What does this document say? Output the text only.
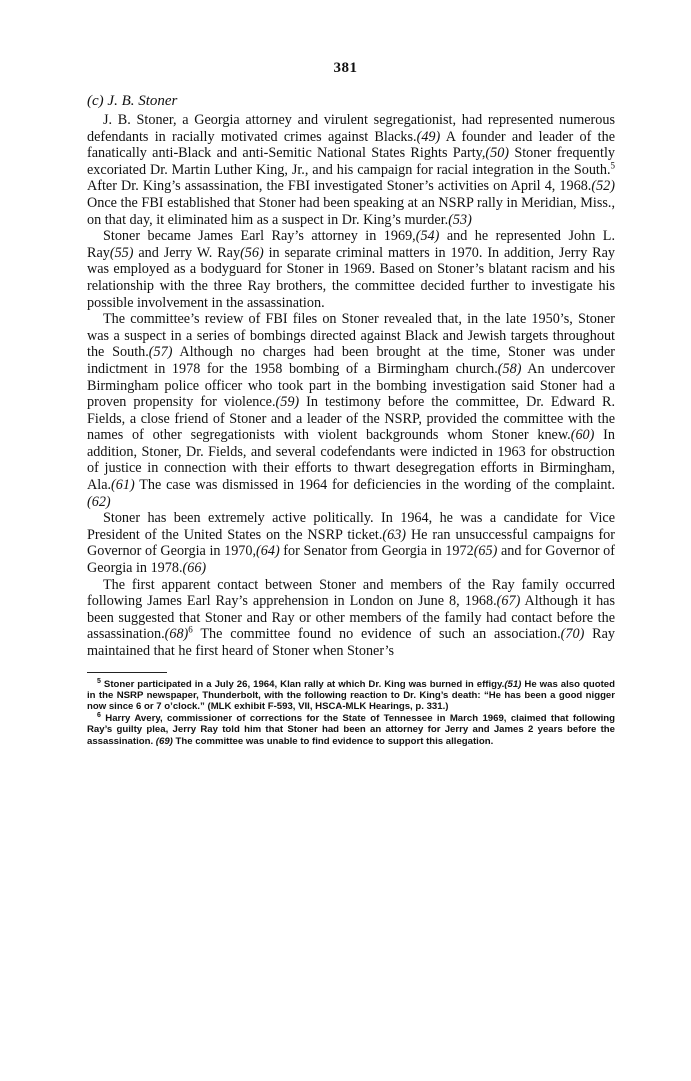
381
(c) J. B. Stoner

J. B. Stoner, a Georgia attorney and virulent segregationist, had represented numerous defendants in racially motivated crimes against Blacks.(49) A founder and leader of the fanatically anti-Black and anti-Semitic National States Rights Party,(50) Stoner frequently excoriated Dr. Martin Luther King, Jr., and his campaign for racial integration in the South.$^5$ After Dr. King’s assassination, the FBI investigated Stoner’s activities on April 4, 1968.(52) Once the FBI established that Stoner had been speaking at an NSRP rally in Meridian, Miss., on that day, it eliminated him as a suspect in Dr. King’s murder.(53)

Stoner became James Earl Ray’s attorney in 1969,(54) and he represented John L. Ray(55) and Jerry W. Ray(56) in separate criminal matters in 1970. In addition, Jerry Ray was employed as a bodyguard for Stoner in 1969. Based on Stoner’s blatant racism and his relationship with the three Ray brothers, the committee decided further to investigate his possible involvement in the assassination.

The committee’s review of FBI files on Stoner revealed that, in the late 1950’s, Stoner was a suspect in a series of bombings directed against Black and Jewish targets throughout the South.(57) Although no charges had been brought at the time, Stoner was under indictment in 1978 for the 1958 bombing of a Birmingham church.(58) An undercover Birmingham police officer who took part in the bombing investigation said Stoner had a proven propensity for violence.(59) In testimony before the committee, Dr. Edward R. Fields, a close friend of Stoner and a leader of the NSRP, provided the committee with the names of other segregationists with violent backgrounds whom Stoner knew.(60) In addition, Stoner, Dr. Fields, and several codefendants were indicted in 1963 for obstruction of justice in connection with their efforts to thwart desegregation efforts in Birmingham, Ala.(61) The case was dismissed in 1964 for deficiencies in the wording of the complaint.(62)

Stoner has been extremely active politically. In 1964, he was a candidate for Vice President of the United States on the NSRP ticket.(63) He ran unsuccessful campaigns for Governor of Georgia in 1970,(64) for Senator from Georgia in 1972(65) and for Governor of Georgia in 1978.(66)

The first apparent contact between Stoner and members of the Ray family occurred following James Earl Ray’s apprehension in London on June 8, 1968.(67) Although it has been suggested that Stoner and Ray or other members of the family had contact before the $assassination.(68)^6$ The committee found no evidence of such an association.(70) Ray maintained that he first heard of Stoner when Stoner’s

$^5$ Stoner participated in a July 26, 1964, Klan rally at which Dr. King was burned in effigy.(51) He was also quoted in the NSRP newspaper, Thunderbolt, with the following reaction to Dr. King’s death: “He has been a good nigger now since 6 or 7 o’clock.” (MLK exhibit F-593, VII, HSCA-MLK Hearings, p. 331.)

$^6$ Harry Avery, commissioner of corrections for the State of Tennessee in March 1969, claimed that following Ray’s guilty plea, Jerry Ray told him that Stoner had been an attorney for Jerry and James 2 years before the assassination. (69) The committee was unable to find evidence to support this allegation.
